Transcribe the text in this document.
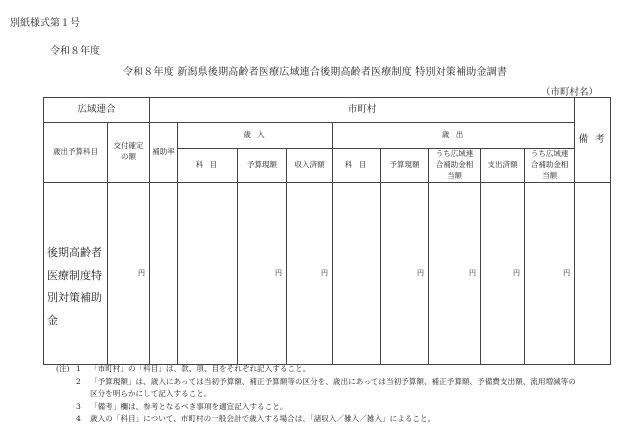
別紙様式第１号
令和８年度
令和８年度 新潟県後期高齢者医療広域連合後期高齢者医療制度 特別対策補助金調書
（市町村名）
広域連合		市町村									備 考
歳出予算科目	交付確定の額	補助率	歳 入			歳 出					
			科 目	予算現額	収入済額	科 目	予算現額	うち広域連合補助金相当額	支出済額	うち広域連合補助金相当額	

後期高齢者医療制度特別対策補助金	円			円	円		円	円	円	円	
(注) 1 「市町村」の「科目」は、款、項、目をそれぞれ記入すること。
2 「予算現額」は、歳入にあっては当初予算額、補正予算額等の区分を、歳出にあっては当初予算額、補正予算額、予備費支出額、流用増減等の
区分を明らかにして記入すること。
3 「備考」欄は、参考となるべき事項を適宜記入すること。
4 歳入の「科目」について、市町村の一般会計で歳入する場合は、「諸収入／雑入／雑入」によること。
